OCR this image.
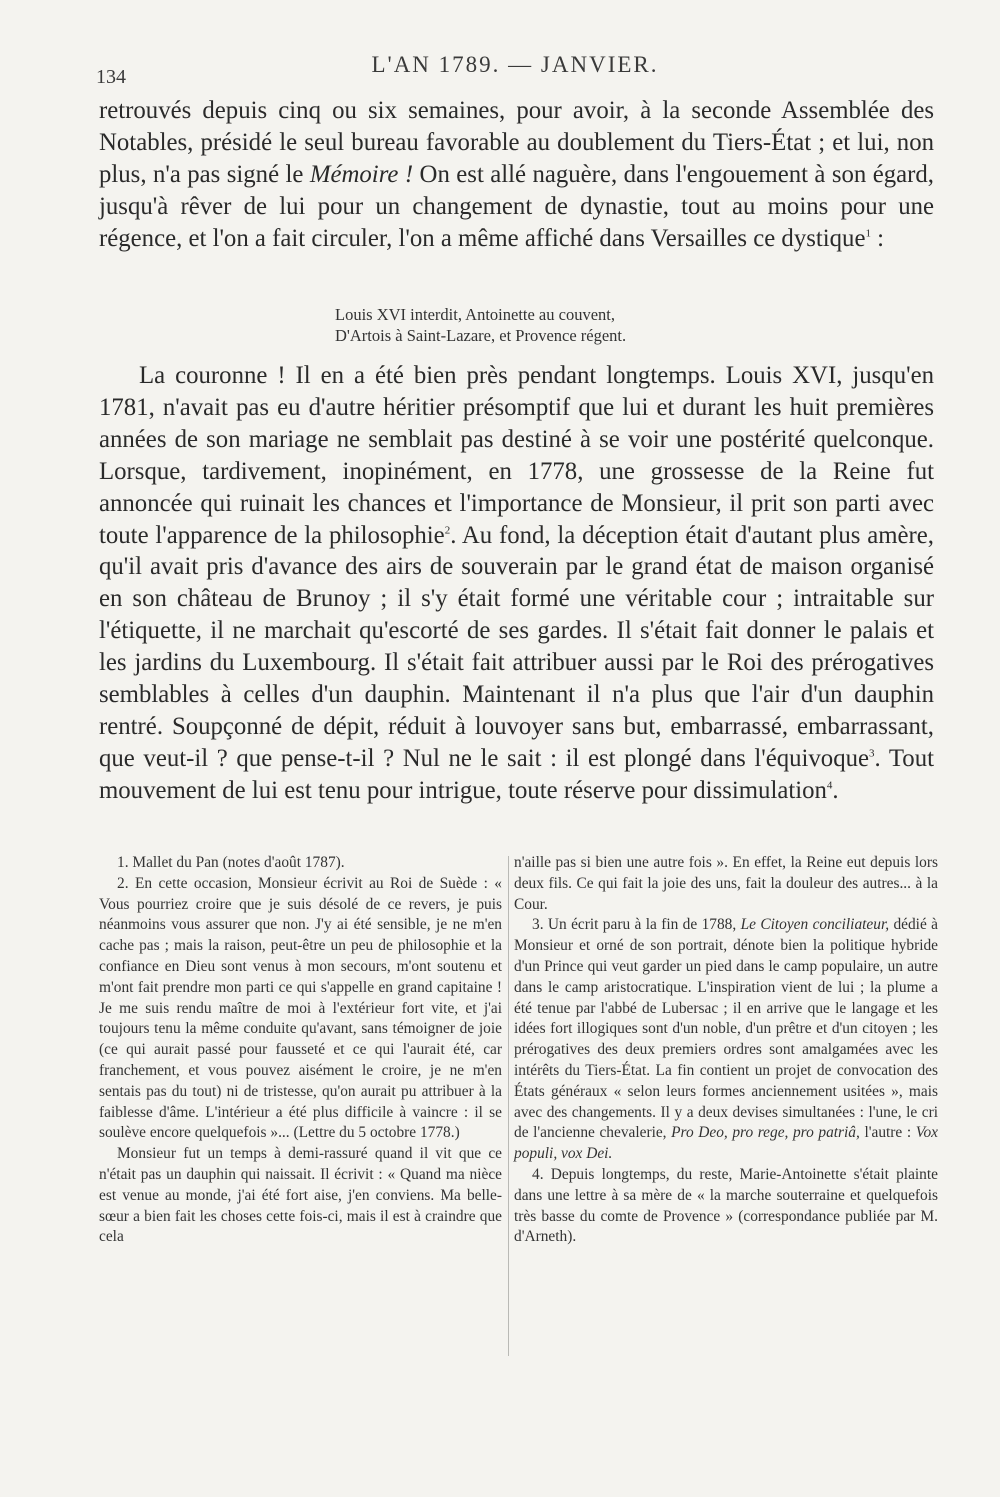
134	L'AN 1789. — JANVIER.

retrouvés depuis cinq ou six semaines, pour avoir, à la seconde Assemblée des Notables, présidé le seul bureau favorable au doublement du Tiers-État ; et lui, non plus, n'a pas signé le Mémoire ! On est allé naguère, dans l'engouement à son égard, jusqu'à rêver de lui pour un changement de dynastie, tout au moins pour une régence, et l'on a fait circuler, l'on a même affiché dans Versailles ce dystique$^1$ :

Louis XVI interdit, Antoinette au couvent,
D'Artois à Saint-Lazare, et Provence régent.

La couronne ! Il en a été bien près pendant longtemps. Louis XVI, jusqu'en 1781, n'avait pas eu d'autre héritier présomptif que lui et durant les huit premières années de son mariage ne semblait pas destiné à se voir une postérité quelconque. Lorsque, tardivement, inopinément, en 1778, une grossesse de la Reine fut annoncée qui ruinait les chances et l'importance de Monsieur, il prit son parti avec toute l'apparence de la philosophie$^2$. Au fond, la déception était d'autant plus amère, qu'il avait pris d'avance des airs de souverain par le grand état de maison organisé en son château de Brunoy ; il s'y était formé une véritable cour ; intraitable sur l'étiquette, il ne marchait qu'escorté de ses gardes. Il s'était fait donner le palais et les jardins du Luxembourg. Il s'était fait attribuer aussi par le Roi des prérogatives semblables à celles d'un dauphin. Maintenant il n'a plus que l'air d'un dauphin rentré. Soupçonné de dépit, réduit à louvoyer sans but, embarrassé, embarrassant, que veut-il ? que pense-t-il ? Nul ne le sait : il est plongé dans l'équivoque$^3$. Tout mouvement de lui est tenu pour intrigue, toute réserve pour dissimulation$^4$.

1. Mallet du Pan (notes d'août 1787).

2. En cette occasion, Monsieur écrivit au Roi de Suède : « Vous pourriez croire que je suis désolé de ce revers, je puis néanmoins vous assurer que non. J'y ai été sensible, je ne m'en cache pas ; mais la raison, peut-être un peu de philosophie et la confiance en Dieu sont venus à mon secours, m'ont soutenu et m'ont fait prendre mon parti ce qui s'appelle en grand capitaine ! Je me suis rendu maître de moi à l'extérieur fort vite, et j'ai toujours tenu la même conduite qu'avant, sans témoigner de joie (ce qui aurait passé pour fausseté et ce qui l'aurait été, car franchement, et vous pouvez aisément le croire, je ne m'en sentais pas du tout) ni de tristesse, qu'on aurait pu attribuer à la faiblesse d'âme. L'intérieur a été plus difficile à vaincre : il se soulève encore quelquefois »... (Lettre du 5 octobre 1778.)

Monsieur fut un temps à demi-rassuré quand il vit que ce n'était pas un dauphin qui naissait. Il écrivit : « Quand ma nièce est venue au monde, j'ai été fort aise, j'en conviens. Ma belle-sœur a bien fait les choses cette fois-ci, mais il est à craindre que cela

n'aille pas si bien une autre fois ». En effet, la Reine eut depuis lors deux fils. Ce qui fait la joie des uns, fait la douleur des autres... à la Cour.

3. Un écrit paru à la fin de 1788, Le Citoyen conciliateur, dédié à Monsieur et orné de son portrait, dénote bien la politique hybride d'un Prince qui veut garder un pied dans le camp populaire, un autre dans le camp aristocratique. L'inspiration vient de lui ; la plume a été tenue par l'abbé de Lubersac ; il en arrive que le langage et les idées fort illogiques sont d'un noble, d'un prêtre et d'un citoyen ; les prérogatives des deux premiers ordres sont amalgamées avec les intérêts du Tiers-État. La fin contient un projet de convocation des États généraux « selon leurs formes anciennement usitées », mais avec des changements. Il y a deux devises simultanées : l'une, le cri de l'ancienne chevalerie, Pro Deo, pro rege, pro patriâ, l'autre : Vox populi, vox Dei.

4. Depuis longtemps, du reste, Marie-Antoinette s'était plainte dans une lettre à sa mère de « la marche souterraine et quelquefois très basse du comte de Provence » (correspondance publiée par M. d'Arneth).
